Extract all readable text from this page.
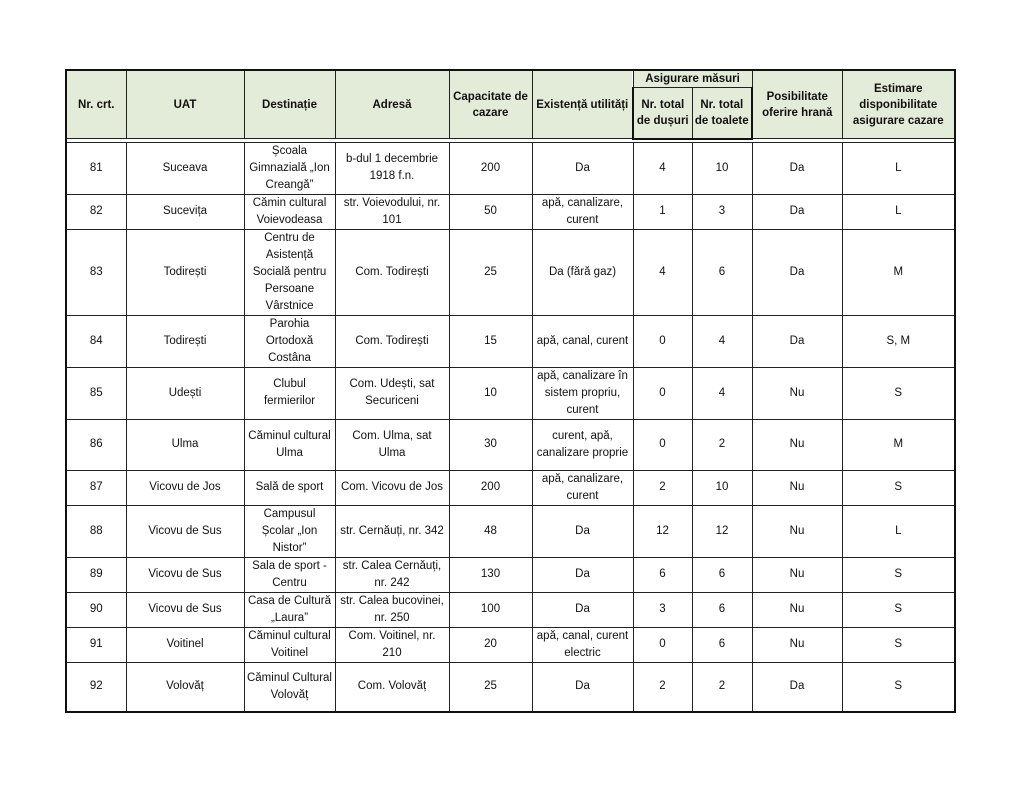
Nr. crt.	UAT	Destinație	Adresă	Capacitate de cazare	Existență utilități	Asigurare măsuri		Posibilitate oferire hrană	Estimare disponibilitate asigurare cazare
						Nr. total de dușuri	Nr. total de toalete		

81	Suceava	Școala Gimnazială „Ion Creangă”	b-dul 1 decembrie 1918 f.n.	200	Da	4	10	Da	L
82	Sucevița	Cămin cultural Voievodeasa	str. Voievodului, nr. 101	50	apă, canalizare, curent	1	3	Da	L
83	Todirești	Centru de Asistență Socială pentru Persoane Vârstnice	Com. Todirești	25	Da (fără gaz)	4	6	Da	M
84	Todirești	Parohia Ortodoxă Costâna	Com. Todirești	15	apă, canal, curent	0	4	Da	S, M
85	Udești	Clubul fermierilor	Com. Udești, sat Securiceni	10	apă, canalizare în sistem propriu, curent	0	4	Nu	S
86	Ulma	Căminul cultural Ulma	Com. Ulma, sat Ulma	30	curent, apă, canalizare proprie	0	2	Nu	M
87	Vicovu de Jos	Sală de sport	Com. Vicovu de Jos	200	apă, canalizare, curent	2	10	Nu	S
88	Vicovu de Sus	Campusul Școlar „Ion Nistor”	str. Cernăuți, nr. 342	48	Da	12	12	Nu	L
89	Vicovu de Sus	Sala de sport - Centru	str. Calea Cernăuți, nr. 242	130	Da	6	6	Nu	S
90	Vicovu de Sus	Casa de Cultură „Laura”	str. Calea bucovinei, nr. 250	100	Da	3	6	Nu	S
91	Voitinel	Căminul cultural Voitinel	Com. Voitinel, nr. 210	20	apă, canal, curent electric	0	6	Nu	S
92	Volovăț	Căminul Cultural Volovăț	Com. Volovăț	25	Da	2	2	Da	S
